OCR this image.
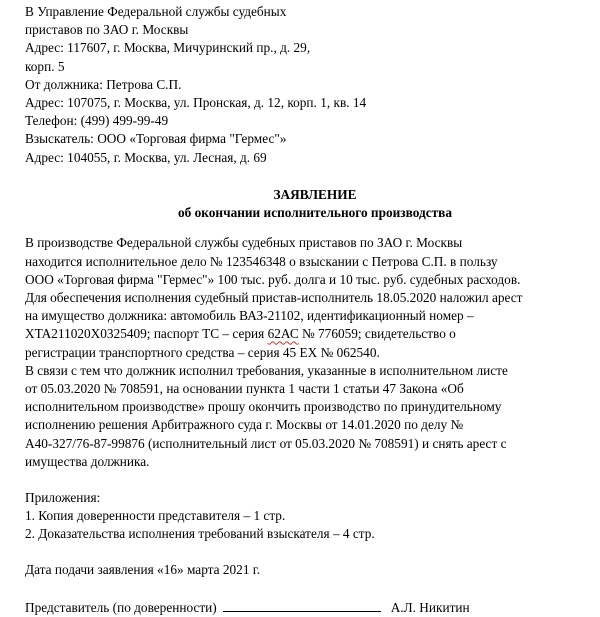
В Управление Федеральной службы судебных
приставов по ЗАО г. Москвы
Адрес: 117607, г. Москва, Мичуринский пр., д. 29,
корп. 5
От должника: Петрова С.П.
Адрес: 107075, г. Москва, ул. Пронская, д. 12, корп. 1, кв. 14
Телефон: (499) 499-99-49
Взыскатель: ООО «Торговая фирма "Гермес"»
Адрес: 104055, г. Москва, ул. Лесная, д. 69
ЗАЯВЛЕНИЕ
об окончании исполнительного производства
В производстве Федеральной службы судебных приставов по ЗАО г. Москвы
находится исполнительное дело № 123546348 о взыскании с Петрова С.П. в пользу
ООО «Торговая фирма "Гермес"» 100 тыс. руб. долга и 10 тыс. руб. судебных расходов.
Для обеспечения исполнения судебный пристав-исполнитель 18.05.2020 наложил арест
на имущество должника: автомобиль ВАЗ-21102, идентификационный номер –
XTA211020X0325409; паспорт ТС – серия 62АС № 776059; свидетельство о
регистрации транспортного средства – серия 45 ЕХ № 062540.
В связи с тем что должник исполнил требования, указанные в исполнительном листе
от 05.03.2020 № 708591, на основании пункта 1 части 1 статьи 47 Закона «Об
исполнительном производстве» прошу окончить производство по принудительному
исполнению решения Арбитражного суда г. Москвы от 14.01.2020 по делу №
А40-327/76-87-99876 (исполнительный лист от 05.03.2020 № 708591) и снять арест с
имущества должника.
Приложения:
1. Копия доверенности представителя – 1 стр.
2. Доказательства исполнения требований взыскателя – 4 стр.
Дата подачи заявления «16» марта 2021 г.
Представитель (по доверенности)	А.Л. Никитин
